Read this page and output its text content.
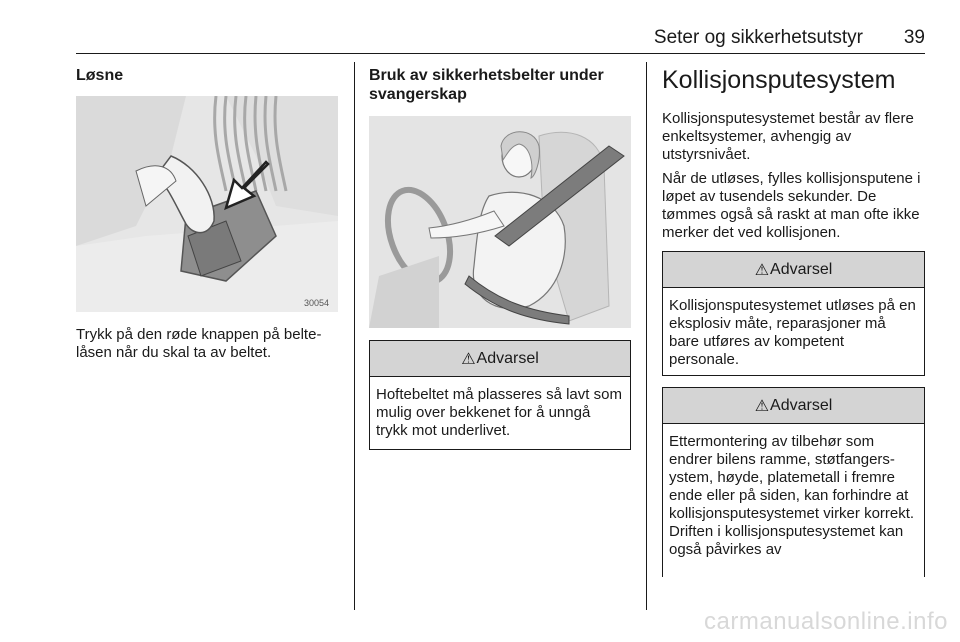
Seter og sikkerhetsutstyr 39
Løsne
30054
Trykk på den røde knappen på beltelåsen når du skal ta av beltet.
Bruk av sikkerhetsbelter under svangerskap
⚠ Advarsel
Hoftebeltet må plasseres så lavt som mulig over bekkenet for å unngå trykk mot underlivet.
Kollisjonsputesystem
Kollisjonsputesystemet består av flere enkeltsystemer, avhengig av utstyrsnivået.
Når de utløses, fylles kollisjonsputene i løpet av tusendels sekunder. De tømmes også så raskt at man ofte ikke merker det ved kollisjonen.
⚠ Advarsel
Kollisjonsputesystemet utløses på en eksplosiv måte, reparasjoner må bare utføres av kompetent personale.
⚠ Advarsel
Ettermontering av tilbehør som endrer bilens ramme, støtfangersystem, høyde, platemetall i fremre ende eller på siden, kan forhindre at kollisjonsputesystemet virker korrekt. Driften i kollisjonsputesystemet kan også påvirkes av
carmanualsonline.info
